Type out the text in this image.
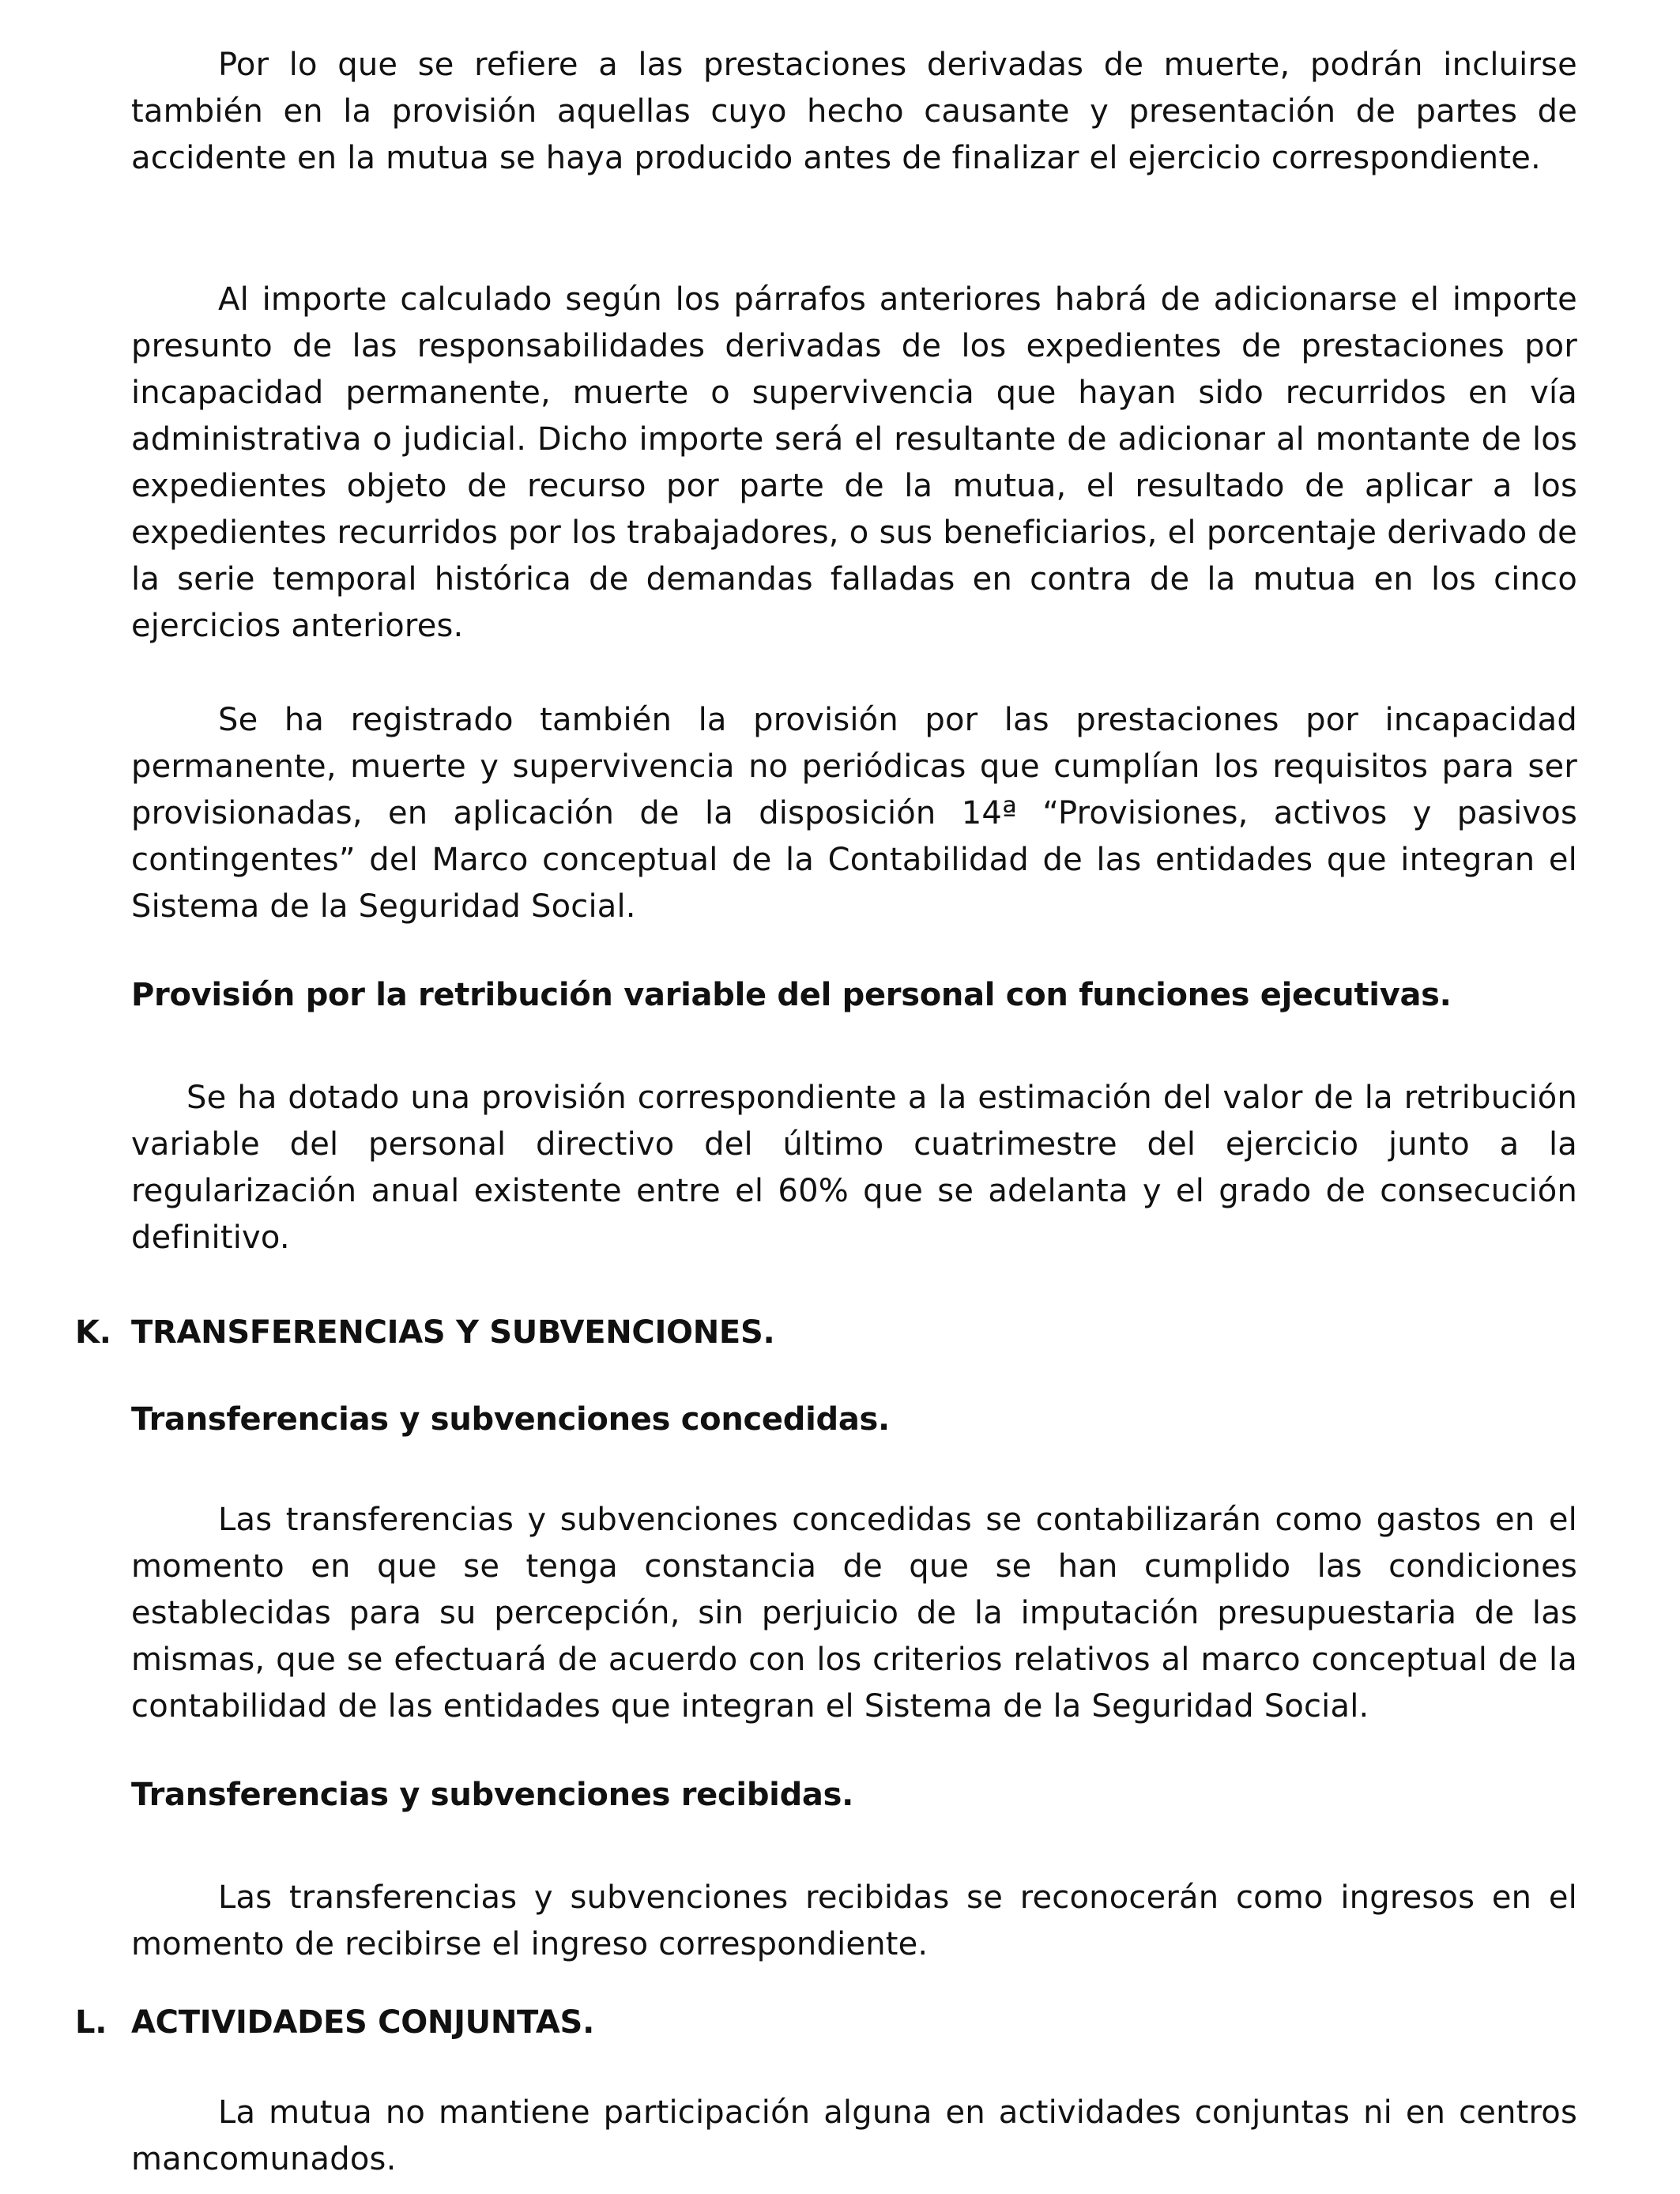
Por lo que se refiere a las prestaciones derivadas de muerte, podrán incluirse también en la provisión aquellas cuyo hecho causante y presentación de partes de accidente en la mutua se haya producido antes de finalizar el ejercicio correspondiente.

Al importe calculado según los párrafos anteriores habrá de adicionarse el importe presunto de las responsabilidades derivadas de los expedientes de prestaciones por incapacidad permanente, muerte o supervivencia que hayan sido recurridos en vía administrativa o judicial. Dicho importe será el resultante de adicionar al montante de los expedientes objeto de recurso por parte de la mutua, el resultado de aplicar a los expedientes recurridos por los trabajadores, o sus beneficiarios, el porcentaje derivado de la serie temporal histórica de demandas falladas en contra de la mutua en los cinco ejercicios anteriores.

Se ha registrado también la provisión por las prestaciones por incapacidad permanente, muerte y supervivencia no periódicas que cumplían los requisitos para ser provisionadas, en aplicación de la disposición 14ª “Provisiones, activos y pasivos contingentes” del Marco conceptual de la Contabilidad de las entidades que integran el Sistema de la Seguridad Social.

Provisión por la retribución variable del personal con funciones ejecutivas.

Se ha dotado una provisión correspondiente a la estimación del valor de la retribución variable del personal directivo del último cuatrimestre del ejercicio junto a la regularización anual existente entre el 60% que se adelanta y el grado de consecución definitivo.

K. TRANSFERENCIAS Y SUBVENCIONES.

Transferencias y subvenciones concedidas.

Las transferencias y subvenciones concedidas se contabilizarán como gastos en el momento en que se tenga constancia de que se han cumplido las condiciones establecidas para su percepción, sin perjuicio de la imputación presupuestaria de las mismas, que se efectuará de acuerdo con los criterios relativos al marco conceptual de la contabilidad de las entidades que integran el Sistema de la Seguridad Social.

Transferencias y subvenciones recibidas.

Las transferencias y subvenciones recibidas se reconocerán como ingresos en el momento de recibirse el ingreso correspondiente.

L. ACTIVIDADES CONJUNTAS.

La mutua no mantiene participación alguna en actividades conjuntas ni en centros mancomunados.
